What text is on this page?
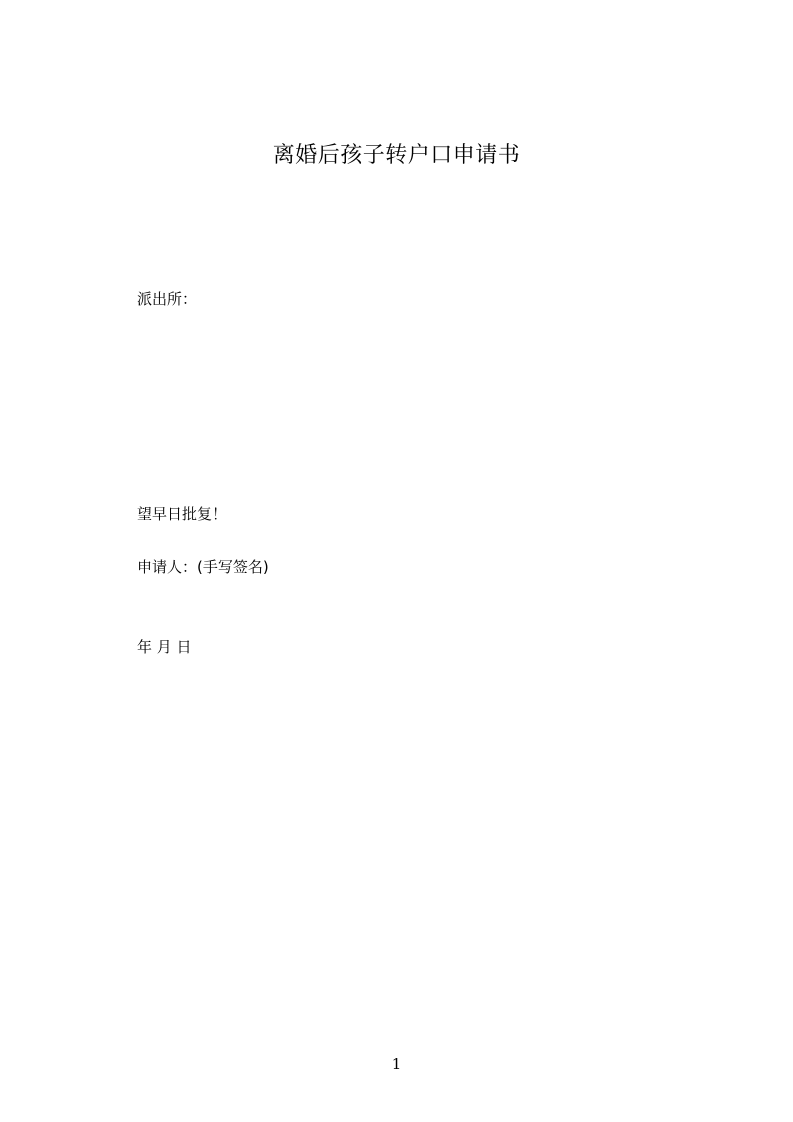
离婚后孩子转户口申请书
派出所：
望早日批复！
申请人：(手写签名)
年 月 日
1
